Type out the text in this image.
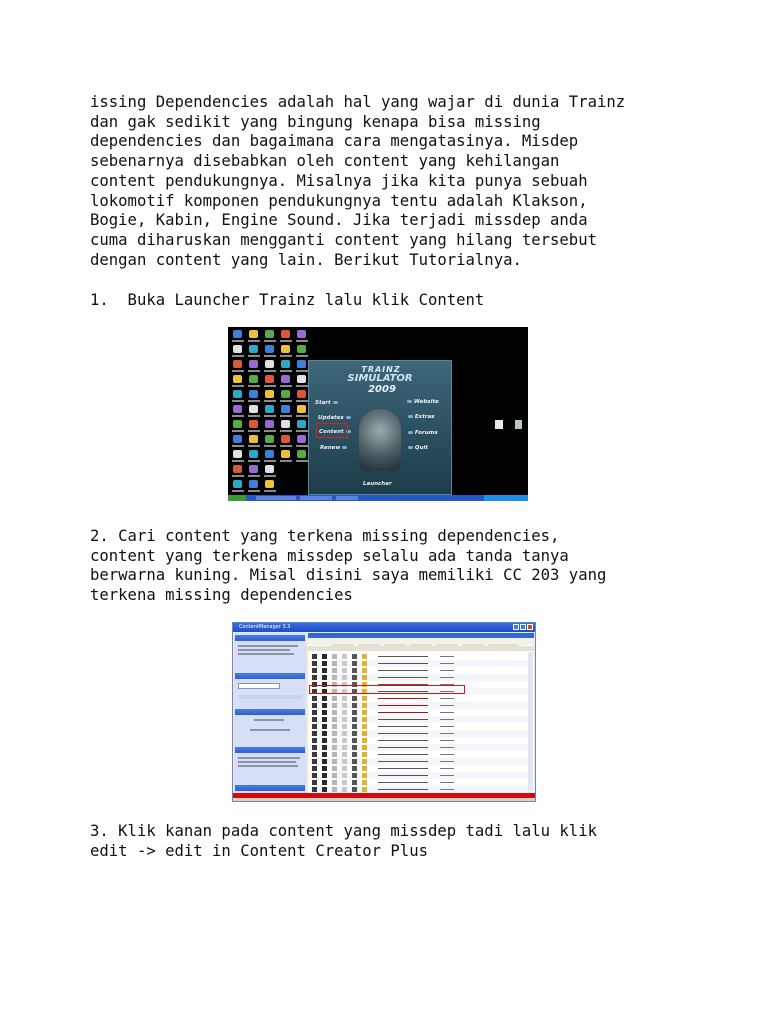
issing Dependencies adalah hal yang wajar di dunia Trainz
dan gak sedikit yang bingung kenapa bisa missing
dependencies dan bagaimana cara mengatasinya. Misdep
sebenarnya disebabkan oleh content yang kehilangan
content pendukungnya. Misalnya jika kita punya sebuah
lokomotif komponen pendukungnya tentu adalah Klakson,
Bogie, Kabin, Engine Sound. Jika terjadi missdep anda
cuma diharuskan mengganti content yang hilang tersebut
dengan content yang lain. Berikut Tutorialnya.

1.  Buka Launcher Trainz lalu klik Content

TRAINZ
SIMULATOR
2009
Start
Updates
Content
Renew
Website
Extras
Forums
Quit
Launcher

2. Cari content yang terkena missing dependencies,
content yang terkena missdep selalu ada tanda tanya
berwarna kuning. Misal disini saya memiliki CC 203 yang
terkena missing dependencies

ContentManager 3.3

3. Klik kanan pada content yang missdep tadi lalu klik
edit -> edit in Content Creator Plus
